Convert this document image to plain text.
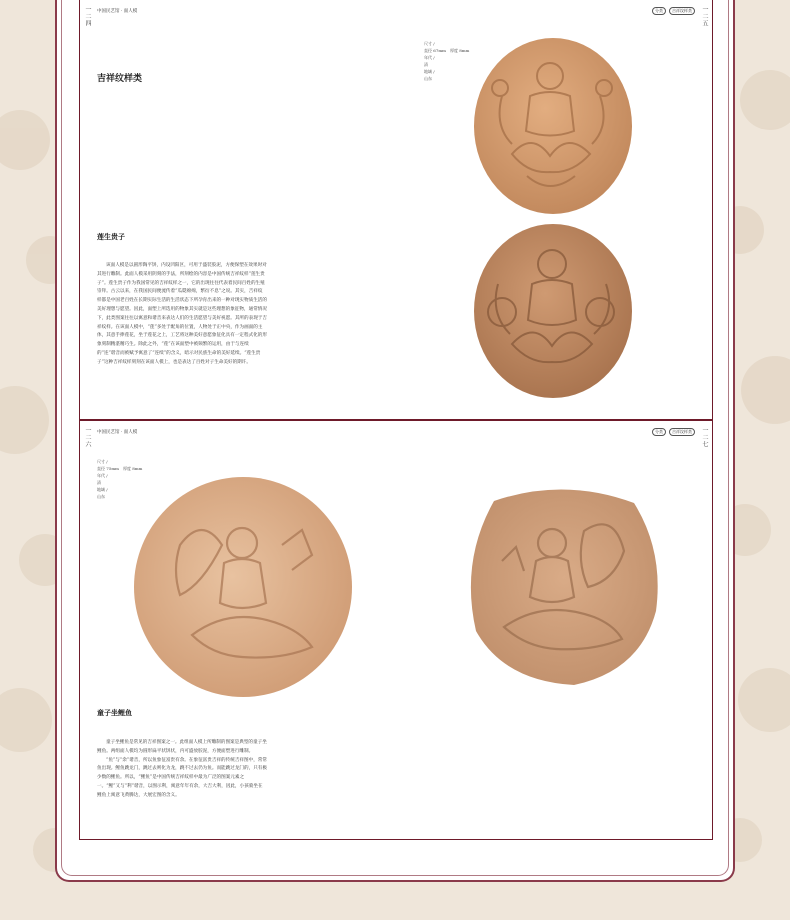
一二四 中国民艺馆 · 面人模	分类	吉祥纹样类	一二五
吉祥纹样类
莲生贵子

该面人模是以圆形陶平饼，内设凹阳区，可用于盛装胶泥，方便保塑在效果时对其进行雕制。此面人模采用阴刻的手法，所刻绘的内容是中国传统吉祥纹样“莲生贵子”。莲生贵子作为我国常见的吉祥纹样之一，它的出现往往代表着民间百姓的生殖崇拜。古云以来，在我国民间便流传着“瓜瓞绵绵，繁衍不息”之说。其实，吉祥纹样都是中国老百姓在长期实际生活的生活状态下所孕育出来的一种对现实物质生活的美好理想与愿望。因此，面塑上所选用的物象其实就是这些理想的象征物，通常情况下，此类图案往往以寓意和谐音来表达人们的生活愿望与美好祝愿。其所的表现于吉祥纹样。在该面人模中，“莲”多处于配角的位置，人物处于正中央，作为画面的主体，其意手捧莲花，坐于莲花之上，工艺将这种美好意愿象征化具有一定程式化的形象刻制精湛精巧生。除此之外，“莲”在该面塑中被频繁的运用，由于与连续的“连”谐音而被赋予寓意了“连续”的含义，暗示对民族生命的美好延续。“莲生贵子”这种吉祥纹样刻刻在该面人模上，也是表达了百姓对子生命美好的期许。

尺寸 /
直径 67mm　厚度 8mm
年代 /
清
地域 /
山东
一二六 中国民艺馆 · 面人模	分类	吉祥纹样类	一二七
尺寸 /
直径 75mm　厚度 8mm
年代 /
清
地域 /
山东
童子坐鲤鱼

童子坐鲤鱼是常见的吉祥图案之一。此组面人模上所雕制的图案是典型的童子坐鲤鱼。两组面人模均为圆形扁平状饼状，内可盛放胶泥，方便面塑进行雕制。

“鱼”与“余”谐音，所以鱼象征富贵有余。在象征富贵吉祥的传统吉祥图中，常常鱼出现。鲤鱼跳龙门，跳过去则化为龙，跳不过去仍为鱼。而能跳过龙门的，只有极少数的鲤鱼。所以，“鲤鱼”是中国传统吉祥纹样中最为广泛的图案元素之一。“鲤”又与“利”谐音，以图示利，寓意年年有余，大吉大利，因此，小孩骑坐在鲤鱼上寓意飞黄腾达，大展宏图的含义。
